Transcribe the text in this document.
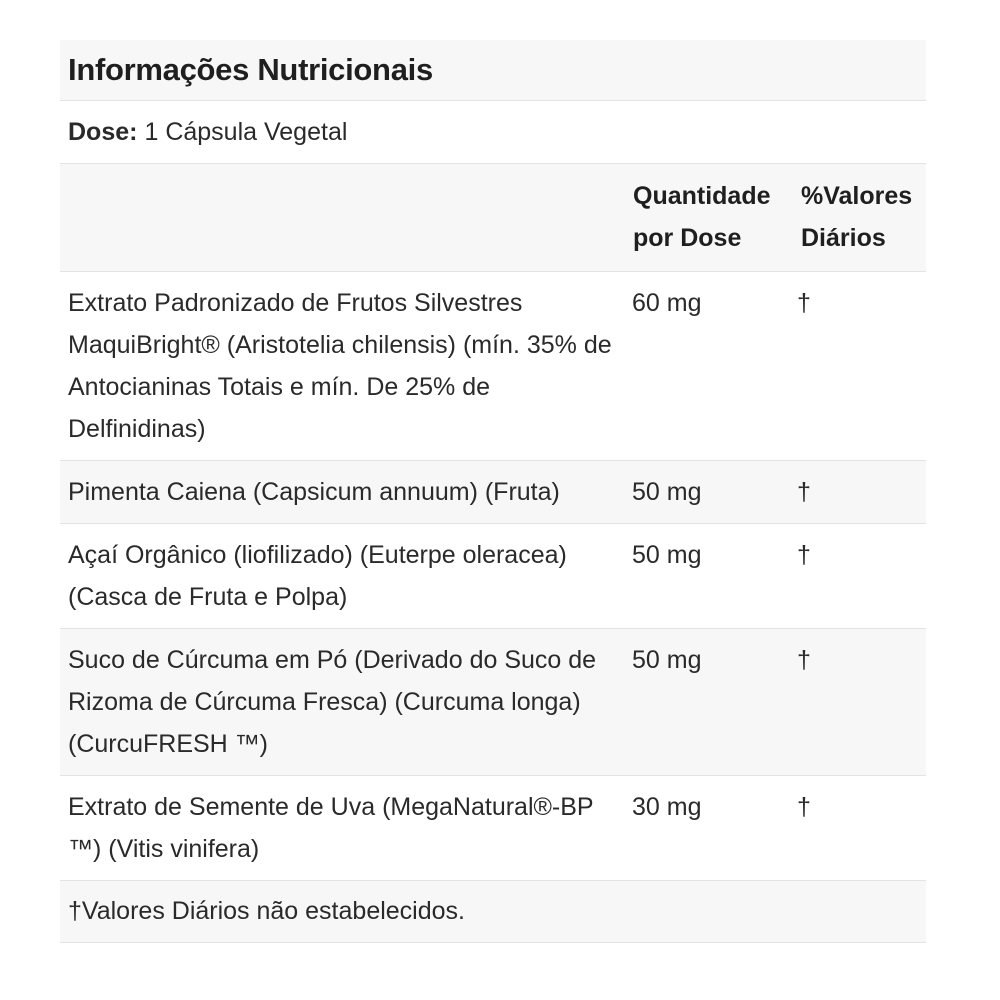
Informações Nutricionais
Dose: 1 Cápsula Vegetal
	Quantidade por Dose	%Valores Diários
Extrato Padronizado de Frutos Silvestres MaquiBright® (Aristotelia chilensis) (mín. 35% de Antocianinas Totais e mín. De 25% de Delfinidinas)	60 mg	†
Pimenta Caiena (Capsicum annuum) (Fruta)	50 mg	†
Açaí Orgânico (liofilizado) (Euterpe oleracea) (Casca de Fruta e Polpa)	50 mg	†
Suco de Cúrcuma em Pó (Derivado do Suco de Rizoma de Cúrcuma Fresca) (Curcuma longa) (CurcuFRESH ™)	50 mg	†
Extrato de Semente de Uva (MegaNatural®-BP ™) (Vitis vinifera)	30 mg	†
†Valores Diários não estabelecidos.
